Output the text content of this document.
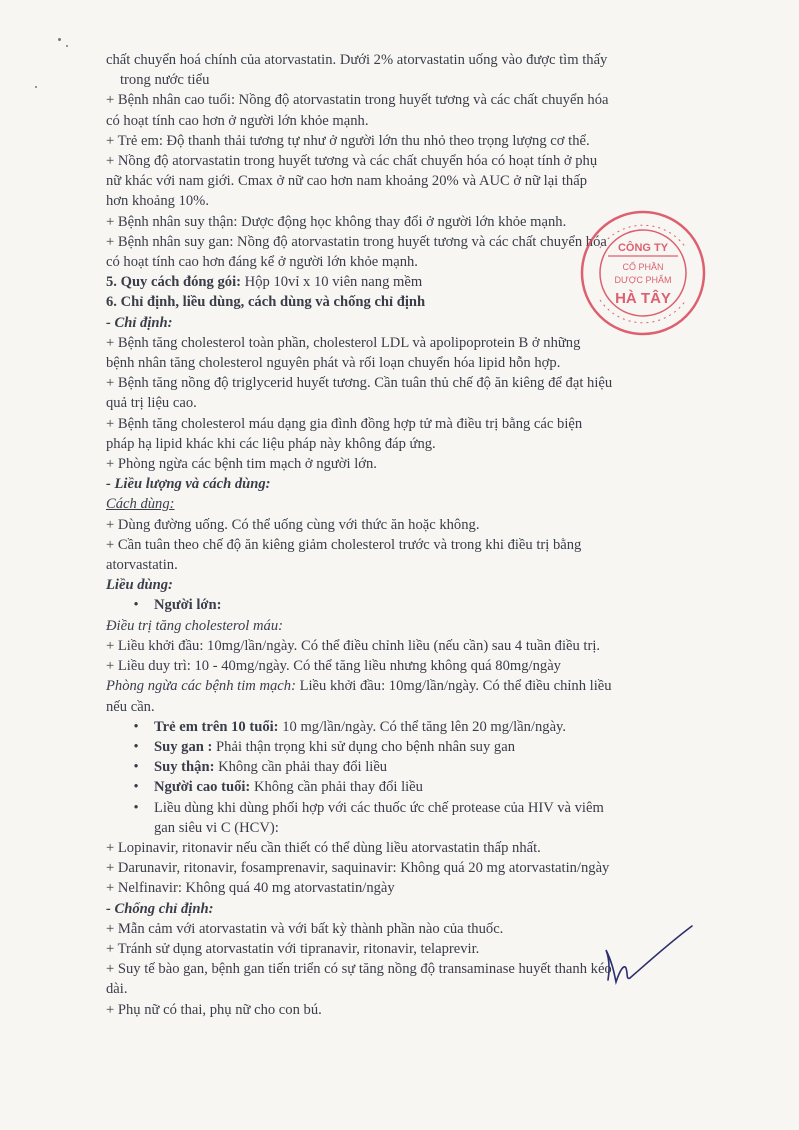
chất chuyển hoá chính của atorvastatin. Dưới 2% atorvastatin uống vào được tìm thấy

trong nước tiểu

+ Bệnh nhân cao tuổi: Nồng độ atorvastatin trong huyết tương và các chất chuyển hóa

có hoạt tính cao hơn ở người lớn khỏe mạnh.

+ Trẻ em: Độ thanh thải tương tự như ở người lớn thu nhỏ theo trọng lượng cơ thể.

+ Nồng độ atorvastatin trong huyết tương và các chất chuyển hóa có hoạt tính ở phụ

nữ khác với nam giới. Cmax ở nữ cao hơn nam khoảng 20% và AUC ở nữ lại thấp

hơn khoảng 10%.

+ Bệnh nhân suy thận: Dược động học không thay đổi ở người lớn khỏe mạnh.

+ Bệnh nhân suy gan: Nồng độ atorvastatin trong huyết tương và các chất chuyển hóa

có hoạt tính cao hơn đáng kể ở người lớn khỏe mạnh.

5. Quy cách đóng gói: Hộp 10vỉ x 10 viên nang mềm

6. Chỉ định, liều dùng, cách dùng và chống chỉ định

- Chỉ định:

+ Bệnh tăng cholesterol toàn phần, cholesterol LDL và apolipoprotein B ở những

bệnh nhân tăng cholesterol nguyên phát và rối loạn chuyển hóa lipid hỗn hợp.

+ Bệnh tăng nồng độ triglycerid huyết tương. Cần tuân thủ chế độ ăn kiêng để đạt hiệu

quả trị liệu cao.

+ Bệnh tăng cholesterol máu dạng gia đình đồng hợp tử mà điều trị bằng các biện

pháp hạ lipid khác khi các liệu pháp này không đáp ứng.

+ Phòng ngừa các bệnh tim mạch ở người lớn.

- Liều lượng và cách dùng:

Cách dùng:

+ Dùng đường uống. Có thể uống cùng với thức ăn hoặc không.

+ Cần tuân theo chế độ ăn kiêng giảm cholesterol trước và trong khi điều trị bằng

atorvastatin.

Liều dùng:

• Người lớn:

Điều trị tăng cholesterol máu:

+ Liều khởi đầu: 10mg/lần/ngày. Có thể điều chỉnh liều (nếu cần) sau 4 tuần điều trị.

+ Liều duy trì: 10 - 40mg/ngày. Có thể tăng liều nhưng không quá 80mg/ngày

Phòng ngừa các bệnh tim mạch: Liều khởi đầu: 10mg/lần/ngày. Có thể điều chỉnh liều

nếu cần.

• Trẻ em trên 10 tuổi: 10 mg/lần/ngày. Có thể tăng lên 20 mg/lần/ngày.

• Suy gan : Phải thận trọng khi sử dụng cho bệnh nhân suy gan

• Suy thận: Không cần phải thay đổi liều

• Người cao tuổi: Không cần phải thay đổi liều

• Liều dùng khi dùng phối hợp với các thuốc ức chế protease của HIV và viêm

gan siêu vi C (HCV):

+ Lopinavir, ritonavir nếu cần thiết có thể dùng liều atorvastatin thấp nhất.

+ Darunavir, ritonavir, fosamprenavir, saquinavir: Không quá 20 mg atorvastatin/ngày

+ Nelfinavir: Không quá 40 mg atorvastatin/ngày

- Chống chỉ định:

+ Mẫn cảm với atorvastatin và với bất kỳ thành phần nào của thuốc.

+ Tránh sử dụng atorvastatin với tipranavir, ritonavir, telaprevir.

+ Suy tế bào gan, bệnh gan tiến triển có sự tăng nồng độ transaminase huyết thanh kéo

dài.

+ Phụ nữ có thai, phụ nữ cho con bú.

CÔNG TY
CỔ PHẦN
DƯỢC PHẨM
HÀ TÂY
